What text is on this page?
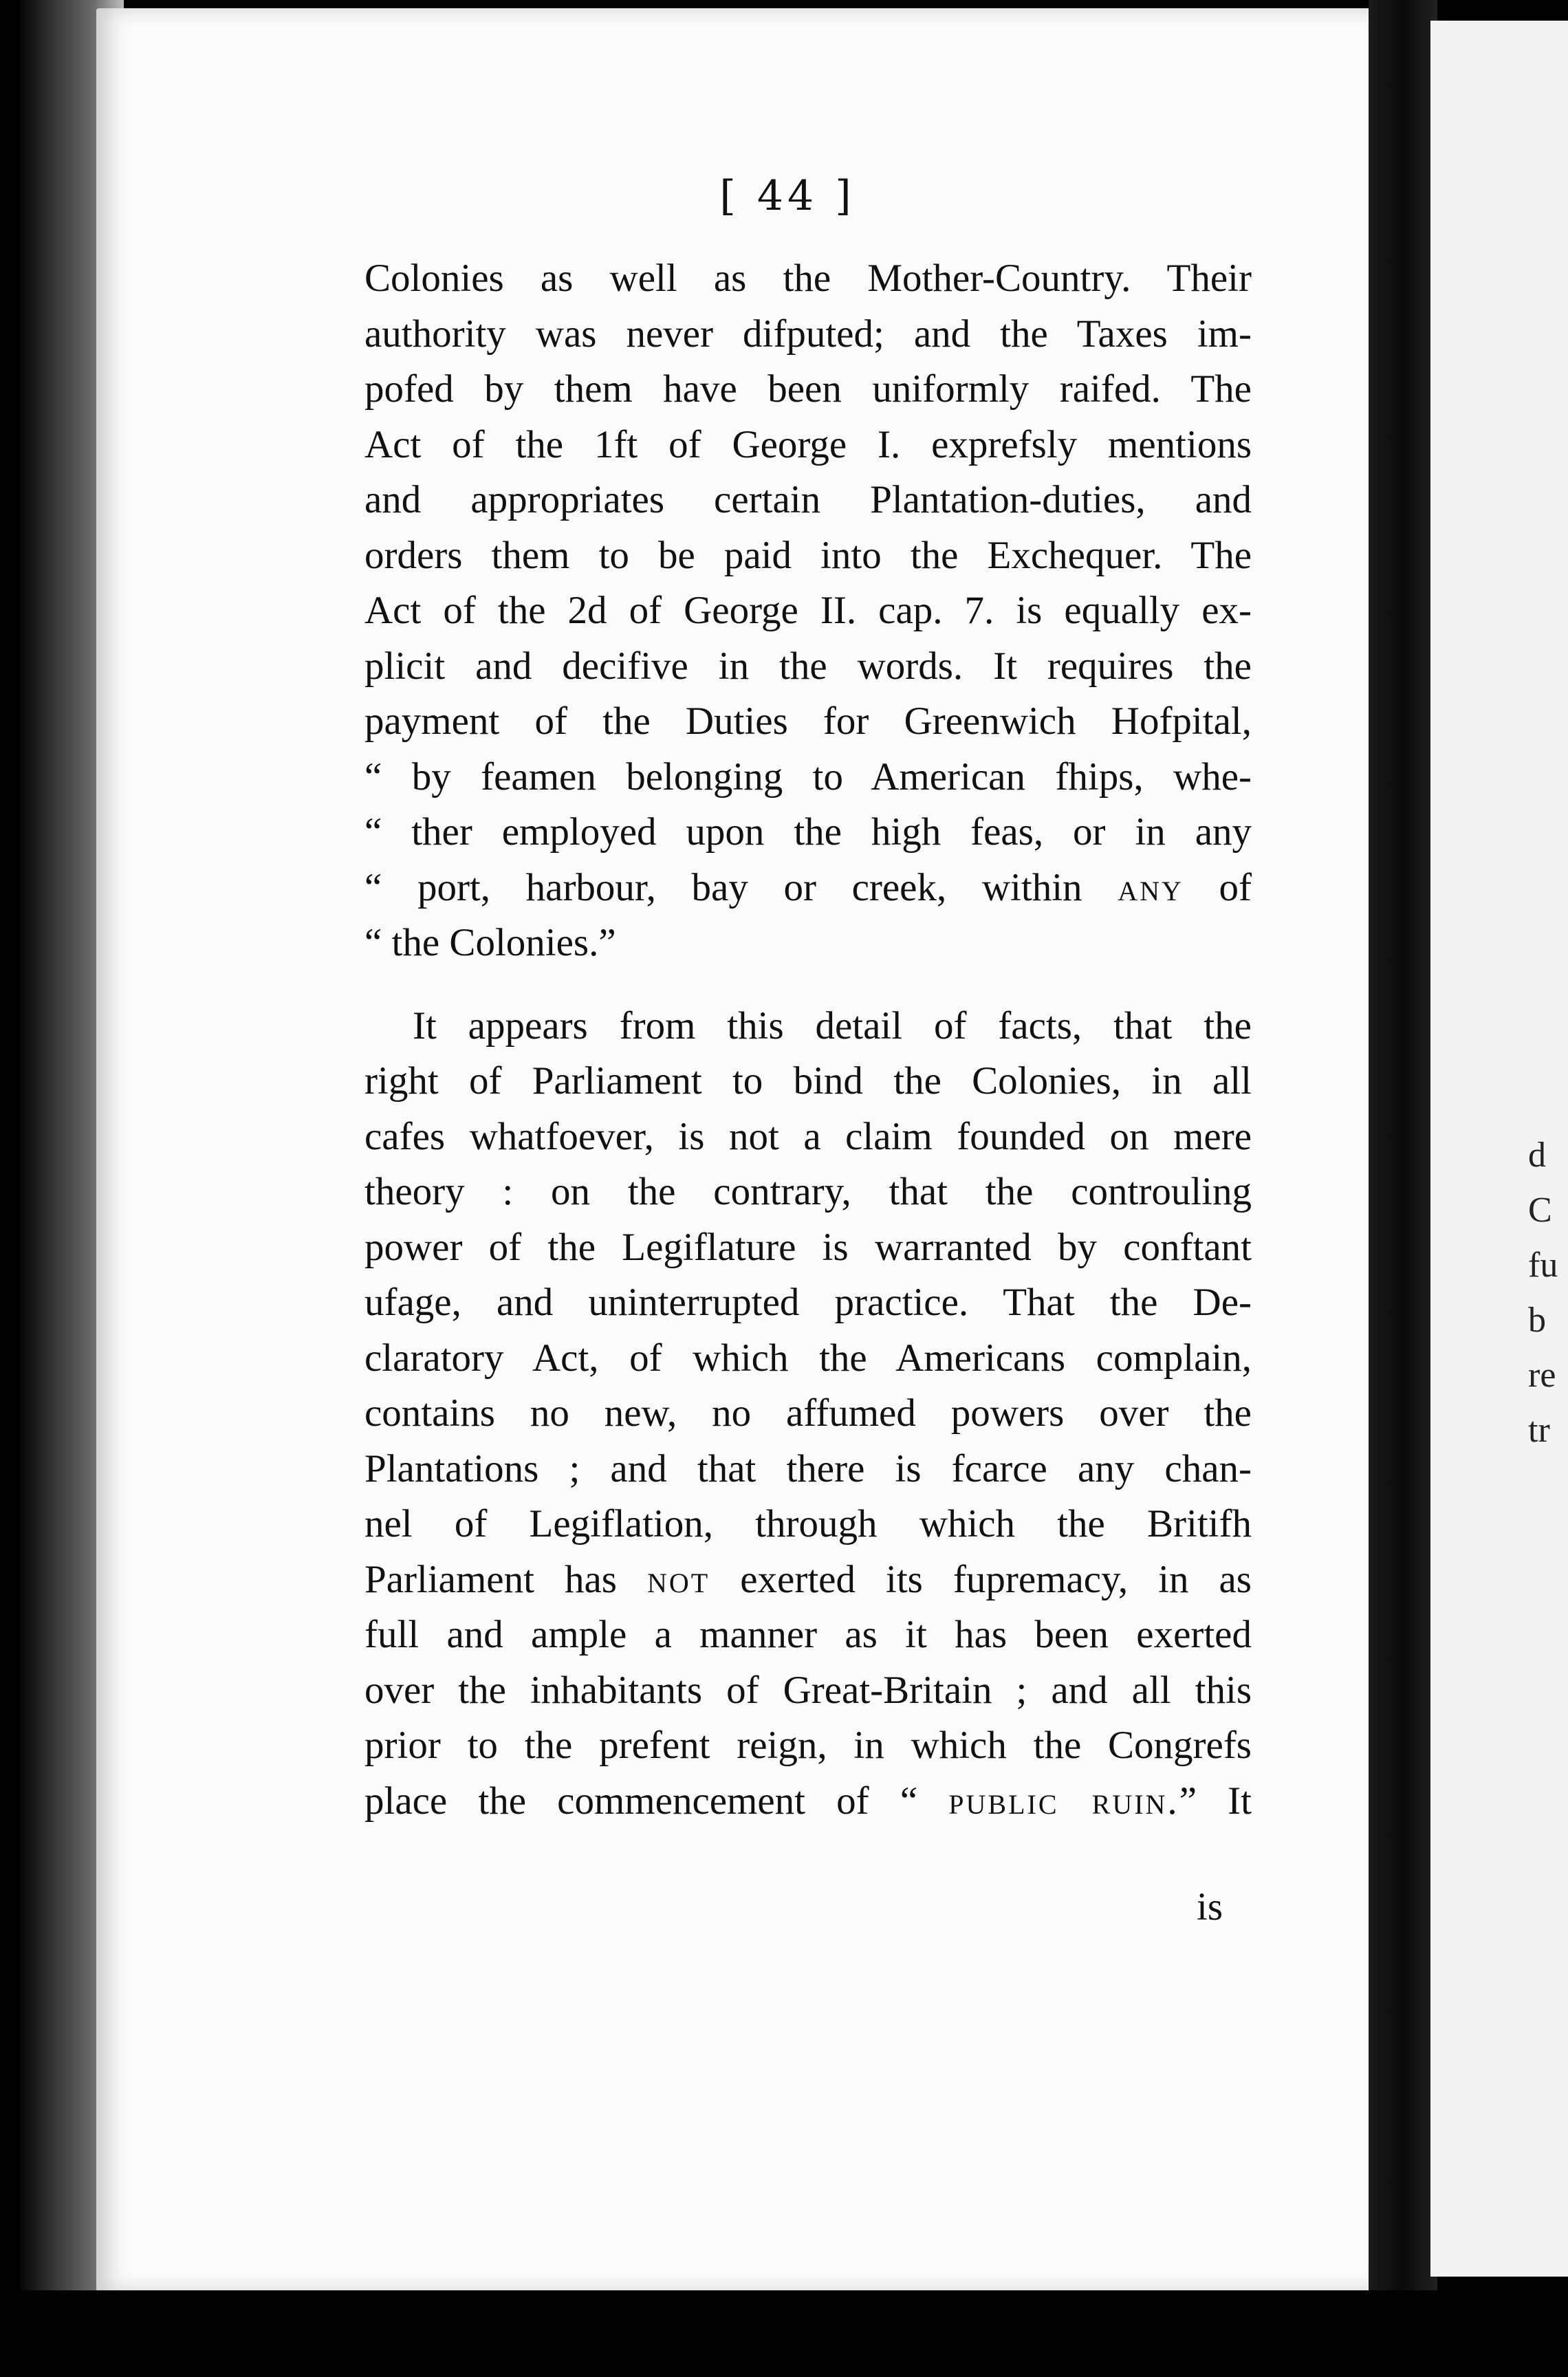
[ 44 ]
Colonies as well as the Mother-Country. Their
authority was never difputed; and the Taxes im-
pofed by them have been uniformly raifed. The
Act of the 1ft of George I. exprefsly mentions
and appropriates certain Plantation-duties, and
orders them to be paid into the Exchequer. The
Act of the 2d of George II. cap. 7. is equally ex-
plicit and decifive in the words. It requires the
payment of the Duties for Greenwich Hofpital,
“ by feamen belonging to American fhips, whe-
“ ther employed upon the high feas, or in any
“ port, harbour, bay or creek, within any of
“ the Colonies.”
It appears from this detail of facts, that the
right of Parliament to bind the Colonies, in all
cafes whatfoever, is not a claim founded on mere
theory : on the contrary, that the controuling
power of the Legiflature is warranted by conftant
ufage, and uninterrupted practice. That the De-
claratory Act, of which the Americans complain,
contains no new, no affumed powers over the
Plantations ; and that there is fcarce any chan-
nel of Legiflation, through which the Britifh
Parliament has not exerted its fupremacy, in as
full and ample a manner as it has been exerted
over the inhabitants of Great-Britain ; and all this
prior to the prefent reign, in which the Congrefs
place the commencement of “ public ruin.” It
is
d
C
fu
b
re
tr
